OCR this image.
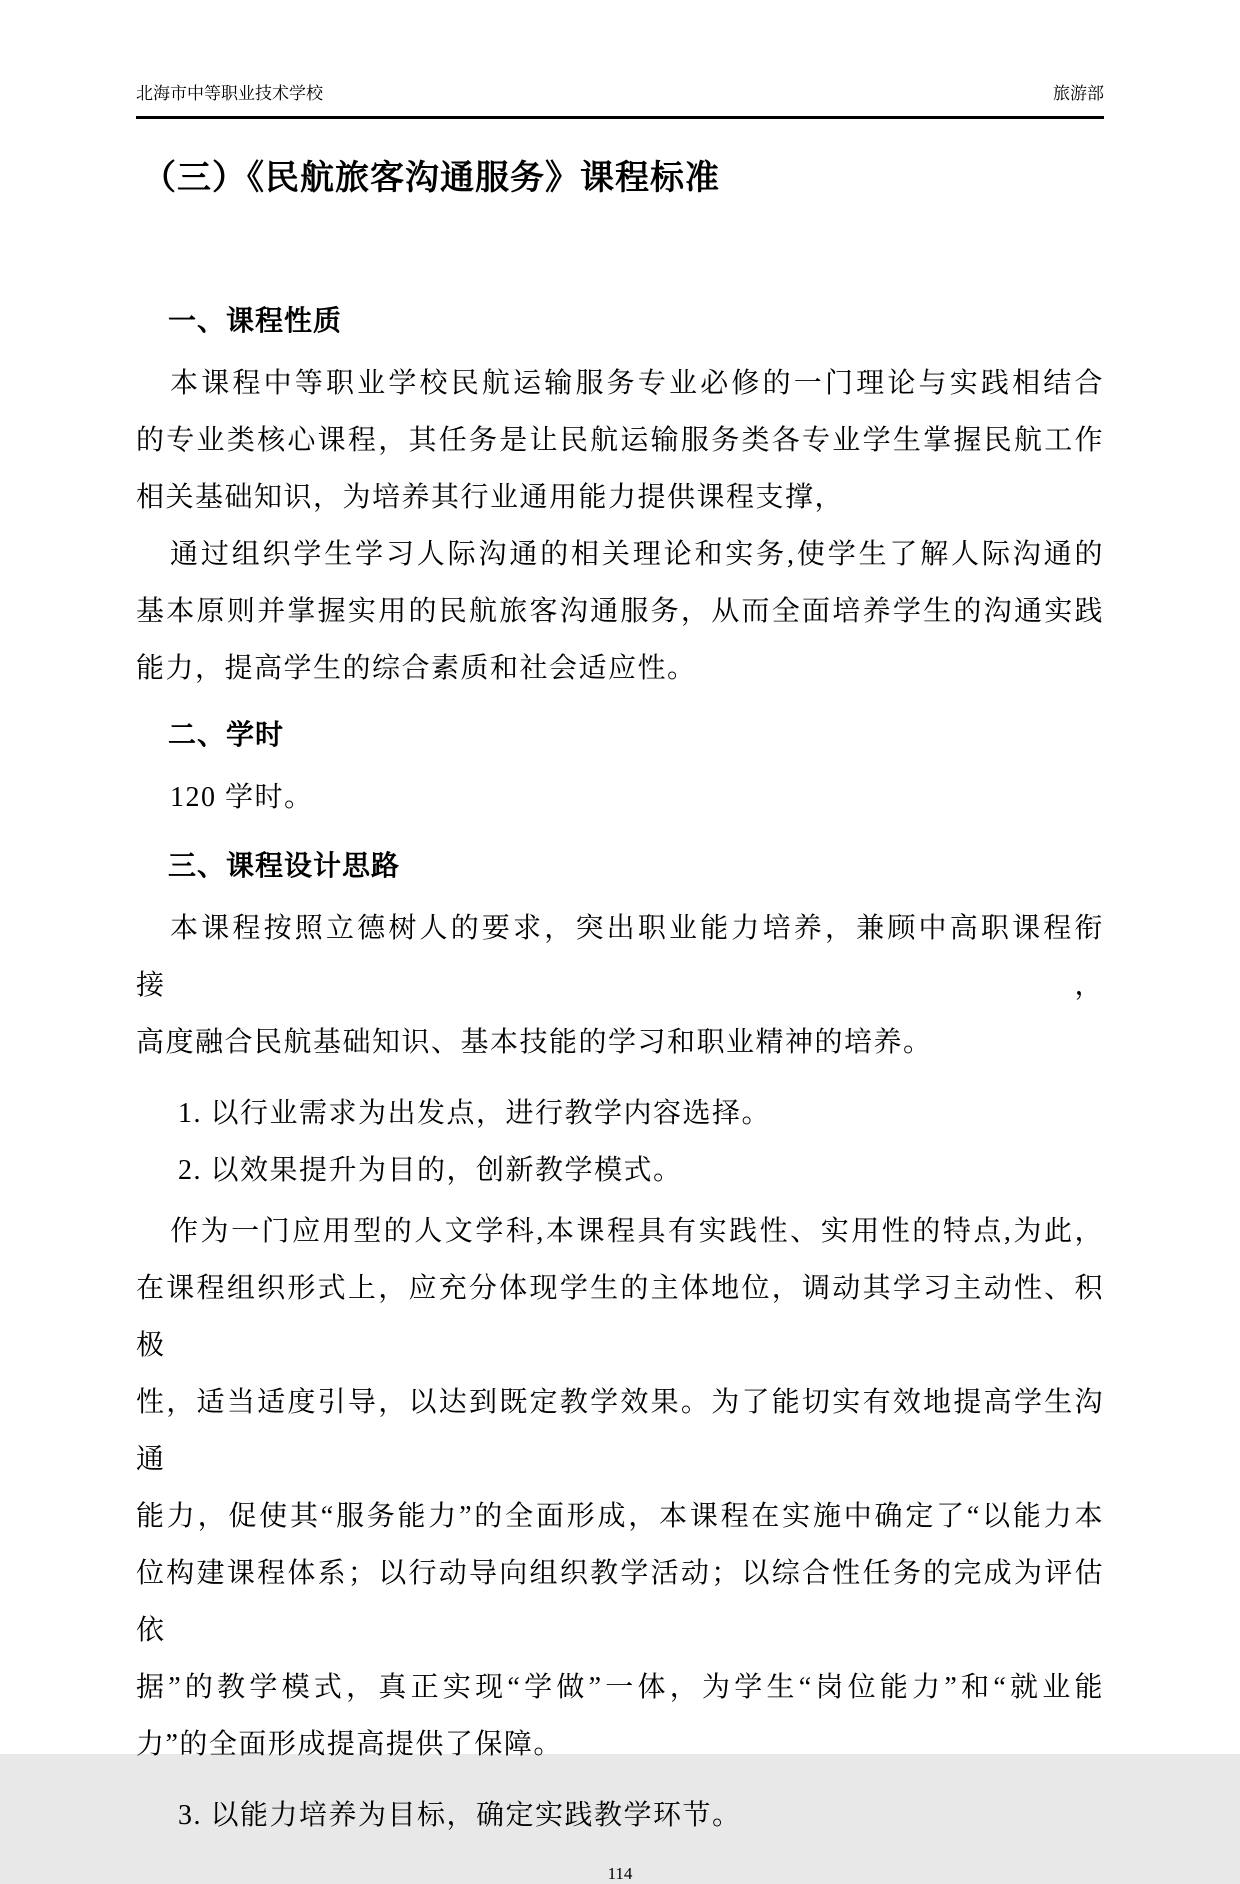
北海市中等职业技术学校	旅游部
（三）《民航旅客沟通服务》课程标准
一、课程性质
本课程中等职业学校民航运输服务专业必修的一门理论与实践相结合
的专业类核心课程，其任务是让民航运输服务类各专业学生掌握民航工作
相关基础知识，为培养其行业通用能力提供课程支撑，
通过组织学生学习人际沟通的相关理论和实务,使学生了解人际沟通的
基本原则并掌握实用的民航旅客沟通服务，从而全面培养学生的沟通实践
能力，提高学生的综合素质和社会适应性。
二、学时
120 学时。
三、课程设计思路
本课程按照立德树人的要求，突出职业能力培养，兼顾中高职课程衔接，
高度融合民航基础知识、基本技能的学习和职业精神的培养。
1. 以行业需求为出发点，进行教学内容选择。
2. 以效果提升为目的，创新教学模式。
作为一门应用型的人文学科,本课程具有实践性、实用性的特点,为此，
在课程组织形式上，应充分体现学生的主体地位，调动其学习主动性、积极
性，适当适度引导，以达到既定教学效果。为了能切实有效地提高学生沟通
能力，促使其“服务能力”的全面形成，本课程在实施中确定了“以能力本
位构建课程体系；以行动导向组织教学活动；以综合性任务的完成为评估依
据”的教学模式，真正实现“学做”一体，为学生“岗位能力”和“就业能
力”的全面形成提高提供了保障。
3. 以能力培养为目标，确定实践教学环节。
114
